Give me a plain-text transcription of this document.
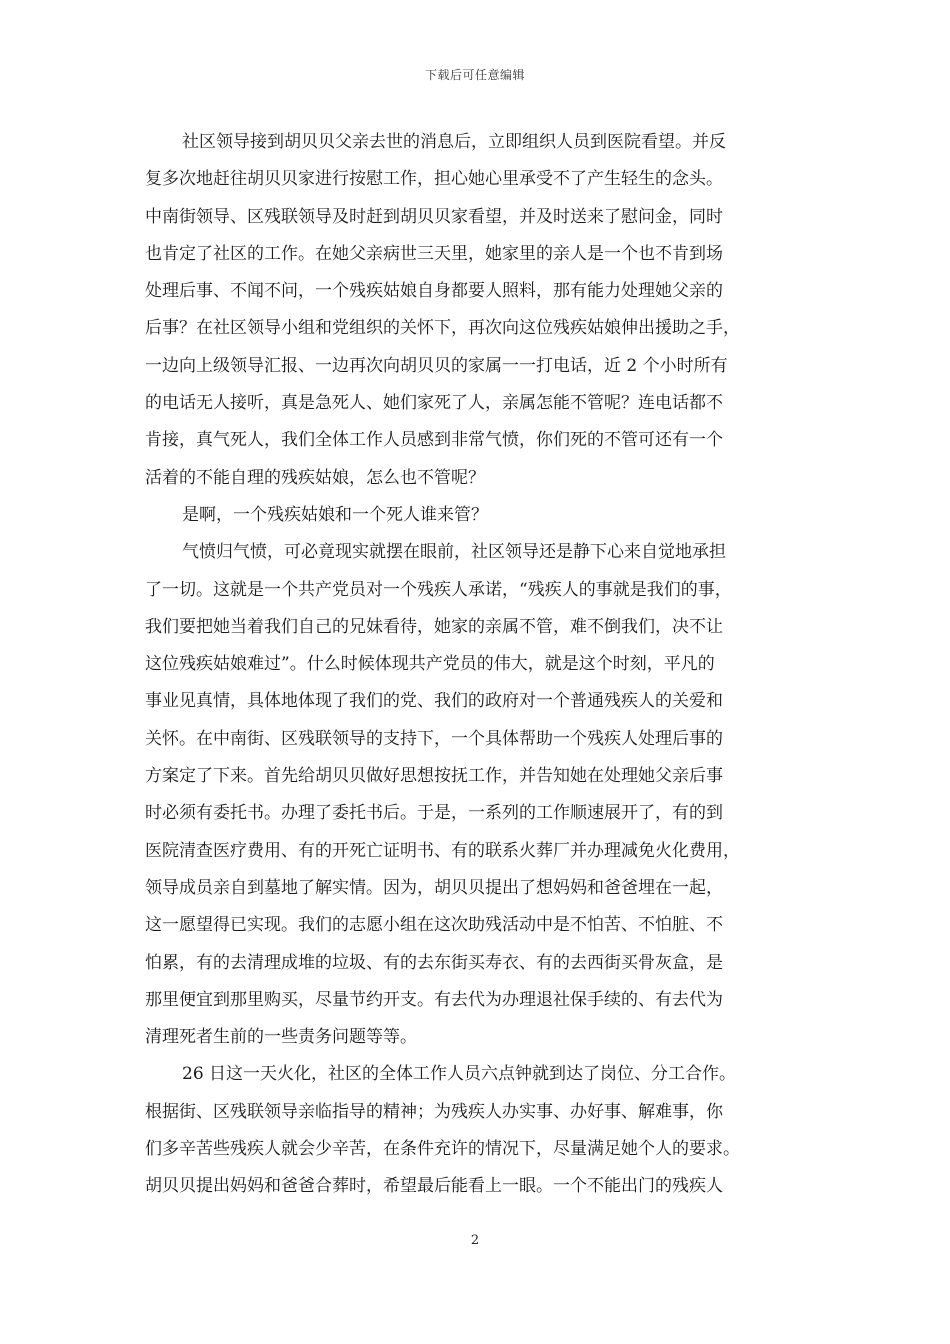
下载后可任意编辑
社区领导接到胡贝贝父亲去世的消息后，立即组织人员到医院看望。并反
复多次地赶往胡贝贝家进行按慰工作，担心她心里承受不了产生轻生的念头。
中南街领导、区残联领导及时赶到胡贝贝家看望，并及时送来了慰问金，同时
也肯定了社区的工作。在她父亲病世三天里，她家里的亲人是一个也不肯到场
处理后事、不闻不问，一个残疾姑娘自身都要人照料，那有能力处理她父亲的
后事？在社区领导小组和党组织的关怀下，再次向这位残疾姑娘伸出援助之手，
一边向上级领导汇报、一边再次向胡贝贝的家属一一打电话，近 2 个小时所有
的电话无人接听，真是急死人、她们家死了人，亲属怎能不管呢？连电话都不
肯接，真气死人，我们全体工作人员感到非常气愤，你们死的不管可还有一个
活着的不能自理的残疾姑娘，怎么也不管呢？
是啊，一个残疾姑娘和一个死人谁来管？
气愤归气愤，可必竟现实就摆在眼前，社区领导还是静下心来自觉地承担
了一切。这就是一个共产党员对一个残疾人承诺，“残疾人的事就是我们的事，
我们要把她当着我们自己的兄妹看待，她家的亲属不管，难不倒我们，决不让
这位残疾姑娘难过”。什么时候体现共产党员的伟大，就是这个时刻，平凡的
事业见真情，具体地体现了我们的党、我们的政府对一个普通残疾人的关爱和
关怀。在中南街、区残联领导的支持下，一个具体帮助一个残疾人处理后事的
方案定了下来。首先给胡贝贝做好思想按抚工作，并告知她在处理她父亲后事
时必须有委托书。办理了委托书后。于是，一系列的工作顺速展开了，有的到
医院清查医疗费用、有的开死亡证明书、有的联系火葬厂并办理减免火化费用，
领导成员亲自到墓地了解实情。因为，胡贝贝提出了想妈妈和爸爸埋在一起，
这一愿望得已实现。我们的志愿小组在这次助残活动中是不怕苦、不怕脏、不
怕累，有的去清理成堆的垃圾、有的去东街买寿衣、有的去西街买骨灰盒，是
那里便宜到那里购买，尽量节约开支。有去代为办理退社保手续的、有去代为
清理死者生前的一些责务问题等等。
26 日这一天火化，社区的全体工作人员六点钟就到达了岗位、分工合作。
根据街、区残联领导亲临指导的精神；为残疾人办实事、办好事、解难事，你
们多辛苦些残疾人就会少辛苦，在条件充许的情况下，尽量满足她个人的要求。
胡贝贝提出妈妈和爸爸合葬时，希望最后能看上一眼。一个不能出门的残疾人
2
